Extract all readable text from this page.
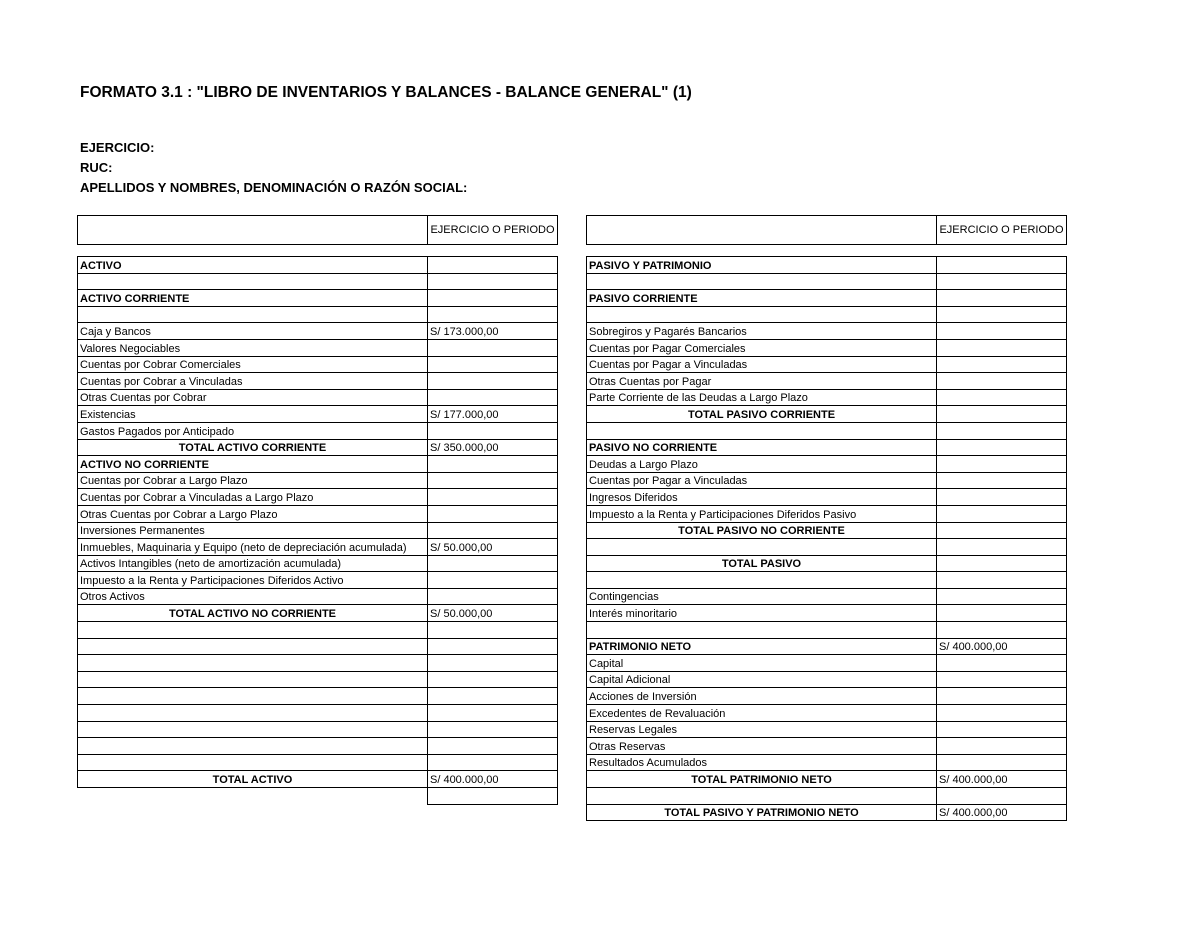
FORMATO 3.1 : "LIBRO DE INVENTARIOS Y BALANCES - BALANCE GENERAL" (1)
EJERCICIO:
RUC:
APELLIDOS Y NOMBRES, DENOMINACIÓN O RAZÓN SOCIAL:
	EJERCICIO O PERIODO

ACTIVO	

ACTIVO CORRIENTE	

Caja y Bancos	S/ 173.000,00
Valores Negociables	
Cuentas por Cobrar Comerciales	
Cuentas por Cobrar a Vinculadas	
Otras Cuentas por Cobrar	
Existencias	S/ 177.000,00
Gastos Pagados por Anticipado	
TOTAL ACTIVO CORRIENTE	S/ 350.000,00
ACTIVO NO CORRIENTE	
Cuentas por Cobrar a Largo Plazo	
Cuentas por Cobrar a Vinculadas a Largo Plazo	
Otras Cuentas por Cobrar a Largo Plazo	
Inversiones Permanentes	
Inmuebles, Maquinaria y Equipo (neto de depreciación acumulada)	S/ 50.000,00
Activos Intangibles (neto de amortización acumulada)	
Impuesto a la Renta y Participaciones Diferidos Activo	
Otros Activos	
TOTAL ACTIVO NO CORRIENTE	S/ 50.000,00

TOTAL ACTIVO	S/ 400.000,00

	EJERCICIO O PERIODO

PASIVO Y PATRIMONIO	

PASIVO CORRIENTE	

Sobregiros y Pagarés Bancarios	
Cuentas por Pagar Comerciales	
Cuentas por Pagar a Vinculadas	
Otras Cuentas por Pagar	
Parte Corriente de las Deudas a Largo Plazo	
TOTAL PASIVO CORRIENTE	

PASIVO NO CORRIENTE	
Deudas a Largo Plazo	
Cuentas por Pagar a Vinculadas	
Ingresos Diferidos	
Impuesto a la Renta y Participaciones Diferidos Pasivo	
TOTAL PASIVO NO CORRIENTE	

TOTAL PASIVO	

Contingencias	
Interés minoritario	

PATRIMONIO NETO	S/ 400.000,00
Capital	
Capital Adicional	
Acciones de Inversión	
Excedentes de Revaluación	
Reservas Legales	
Otras Reservas	
Resultados Acumulados	
TOTAL PATRIMONIO NETO	S/ 400.000,00

TOTAL PASIVO Y PATRIMONIO NETO	S/ 400.000,00
